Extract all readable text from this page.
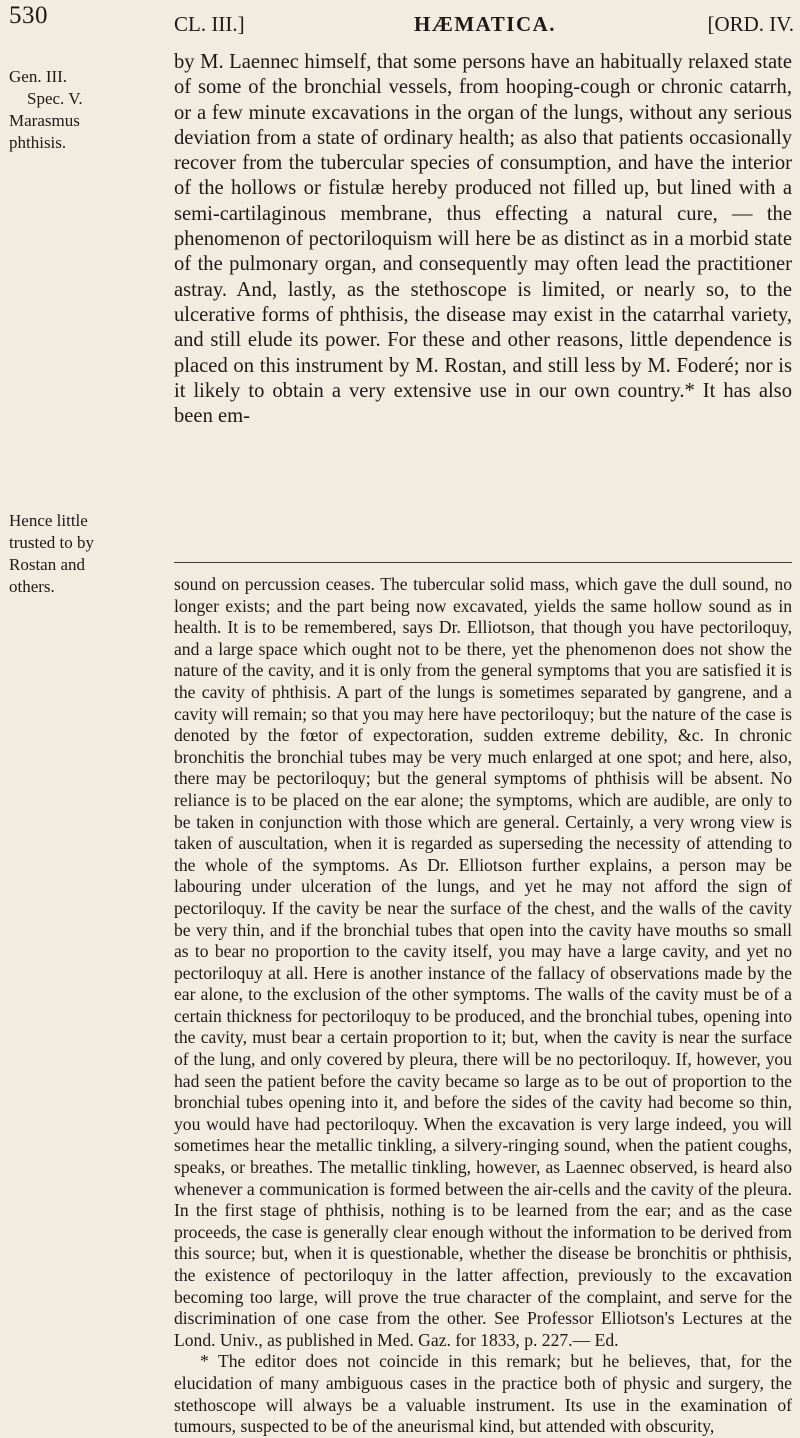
530
Gen. III.
Spec. V.
Marasmus
phthisis.
Hence little
trusted to by
Rostan and
others.
CL. III.]	HÆMATICA.	[ORD. IV.

by M. Laennec himself, that some persons have an habitually relaxed state of some of the bronchial vessels, from hooping-cough or chronic catarrh, or a few minute excavations in the organ of the lungs, without any serious deviation from a state of ordinary health; as also that patients occasionally recover from the tubercular species of consumption, and have the interior of the hollows or fistulæ hereby produced not filled up, but lined with a semi-cartilaginous membrane, thus effecting a natural cure, — the phenomenon of pectoriloquism will here be as distinct as in a morbid state of the pulmonary organ, and consequently may often lead the practitioner astray. And, lastly, as the stethoscope is limited, or nearly so, to the ulcerative forms of phthisis, the disease may exist in the catarrhal variety, and still elude its power. For these and other reasons, little dependence is placed on this instrument by M. Rostan, and still less by M. Foderé; nor is it likely to obtain a very extensive use in our own country.* It has also been em-

sound on percussion ceases. The tubercular solid mass, which gave the dull sound, no longer exists; and the part being now excavated, yields the same hollow sound as in health. It is to be remembered, says Dr. Elliotson, that though you have pectoriloquy, and a large space which ought not to be there, yet the phenomenon does not show the nature of the cavity, and it is only from the general symptoms that you are satisfied it is the cavity of phthisis. A part of the lungs is sometimes separated by gangrene, and a cavity will remain; so that you may here have pectoriloquy; but the nature of the case is denoted by the fœtor of expectoration, sudden extreme debility, &c. In chronic bronchitis the bronchial tubes may be very much enlarged at one spot; and here, also, there may be pectoriloquy; but the general symptoms of phthisis will be absent. No reliance is to be placed on the ear alone; the symptoms, which are audible, are only to be taken in conjunction with those which are general. Certainly, a very wrong view is taken of auscultation, when it is regarded as superseding the necessity of attending to the whole of the symptoms. As Dr. Elliotson further explains, a person may be labouring under ulceration of the lungs, and yet he may not afford the sign of pectoriloquy. If the cavity be near the surface of the chest, and the walls of the cavity be very thin, and if the bronchial tubes that open into the cavity have mouths so small as to bear no proportion to the cavity itself, you may have a large cavity, and yet no pectoriloquy at all. Here is another instance of the fallacy of observations made by the ear alone, to the exclusion of the other symptoms. The walls of the cavity must be of a certain thickness for pectoriloquy to be produced, and the bronchial tubes, opening into the cavity, must bear a certain proportion to it; but, when the cavity is near the surface of the lung, and only covered by pleura, there will be no pectoriloquy. If, however, you had seen the patient before the cavity became so large as to be out of proportion to the bronchial tubes opening into it, and before the sides of the cavity had become so thin, you would have had pectoriloquy. When the excavation is very large indeed, you will sometimes hear the metallic tinkling, a silvery-ringing sound, when the patient coughs, speaks, or breathes. The metallic tinkling, however, as Laennec observed, is heard also whenever a communication is formed between the air-cells and the cavity of the pleura. In the first stage of phthisis, nothing is to be learned from the ear; and as the case proceeds, the case is generally clear enough without the information to be derived from this source; but, when it is questionable, whether the disease be bronchitis or phthisis, the existence of pectoriloquy in the latter affection, previously to the excavation becoming too large, will prove the true character of the complaint, and serve for the discrimination of one case from the other. See Professor Elliotson's Lectures at the Lond. Univ., as published in Med. Gaz. for 1833, p. 227.— Ed.

* The editor does not coincide in this remark; but he believes, that, for the elucidation of many ambiguous cases in the practice both of physic and surgery, the stethoscope will always be a valuable instrument. Its use in the examination of tumours, suspected to be of the aneurismal kind, but attended with obscurity,
